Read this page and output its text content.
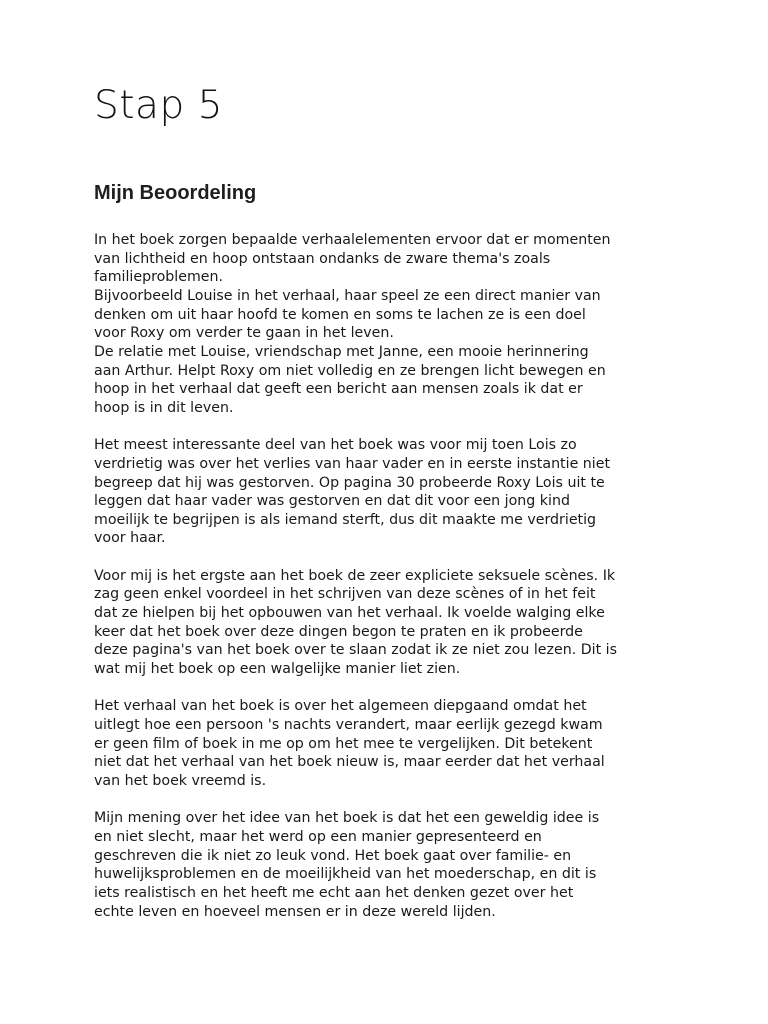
Stap 5
Mijn Beoordeling

In het boek zorgen bepaalde verhaalelementen ervoor dat er momenten
van lichtheid en hoop ontstaan ondanks de zware thema's zoals
familieproblemen.
Bijvoorbeeld Louise in het verhaal, haar speel ze een direct manier van
denken om uit haar hoofd te komen en soms te lachen ze is een doel
voor Roxy om verder te gaan in het leven.
De relatie met Louise, vriendschap met Janne, een mooie herinnering
aan Arthur. Helpt Roxy om niet volledig en ze brengen licht bewegen en
hoop in het verhaal dat geeft een bericht aan mensen zoals ik dat er
hoop is in dit leven.

Het meest interessante deel van het boek was voor mij toen Lois zo
verdrietig was over het verlies van haar vader en in eerste instantie niet
begreep dat hij was gestorven. Op pagina 30 probeerde Roxy Lois uit te
leggen dat haar vader was gestorven en dat dit voor een jong kind
moeilijk te begrijpen is als iemand sterft, dus dit maakte me verdrietig
voor haar.

Voor mij is het ergste aan het boek de zeer expliciete seksuele scènes. Ik
zag geen enkel voordeel in het schrijven van deze scènes of in het feit
dat ze hielpen bij het opbouwen van het verhaal. Ik voelde walging elke
keer dat het boek over deze dingen begon te praten en ik probeerde
deze pagina's van het boek over te slaan zodat ik ze niet zou lezen. Dit is
wat mij het boek op een walgelijke manier liet zien.

Het verhaal van het boek is over het algemeen diepgaand omdat het
uitlegt hoe een persoon 's nachts verandert, maar eerlijk gezegd kwam
er geen film of boek in me op om het mee te vergelijken. Dit betekent
niet dat het verhaal van het boek nieuw is, maar eerder dat het verhaal
van het boek vreemd is.

Mijn mening over het idee van het boek is dat het een geweldig idee is
en niet slecht, maar het werd op een manier gepresenteerd en
geschreven die ik niet zo leuk vond. Het boek gaat over familie- en
huwelijksproblemen en de moeilijkheid van het moederschap, en dit is
iets realistisch en het heeft me echt aan het denken gezet over het
echte leven en hoeveel mensen er in deze wereld lijden.
